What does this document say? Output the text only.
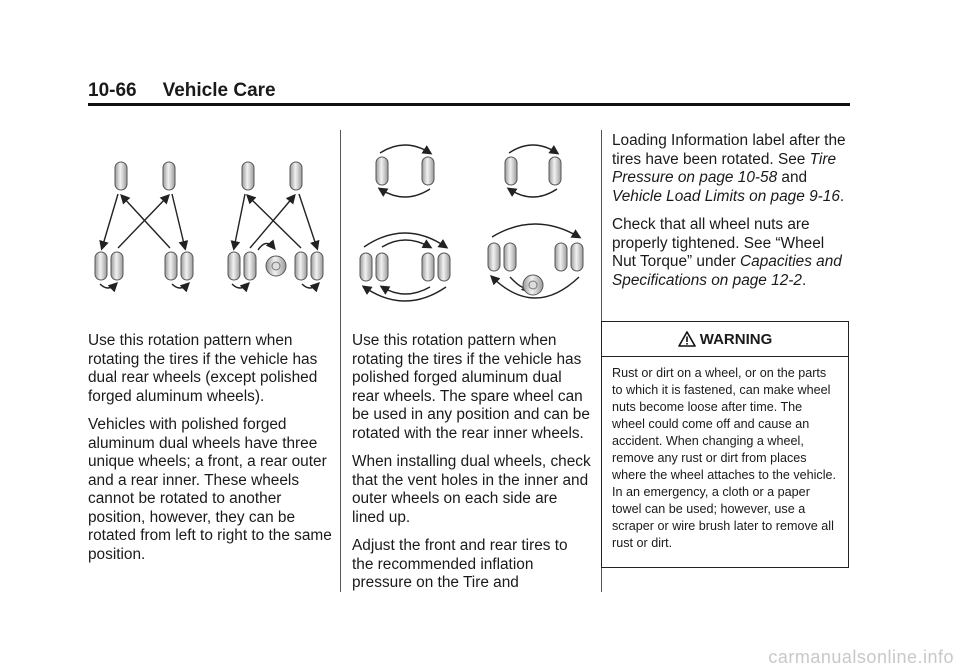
10-66 Vehicle Care

Use this rotation pattern when rotating the tires if the vehicle has dual rear wheels (except polished forged aluminum wheels).

Vehicles with polished forged aluminum dual wheels have three unique wheels; a front, a rear outer and a rear inner. These wheels cannot be rotated to another position, however, they can be rotated from left to right to the same position.

Use this rotation pattern when rotating the tires if the vehicle has polished forged aluminum dual rear wheels. The spare wheel can be used in any position and can be rotated with the rear inner wheels.

When installing dual wheels, check that the vent holes in the inner and outer wheels on each side are lined up.

Adjust the front and rear tires to the recommended inflation pressure on the Tire and

Loading Information label after the tires have been rotated. See Tire Pressure on page 10-58 and Vehicle Load Limits on page 9-16.

Check that all wheel nuts are properly tightened. See “Wheel Nut Torque” under Capacities and Specifications on page 12-2.

WARNING
Rust or dirt on a wheel, or on the parts to which it is fastened, can make wheel nuts become loose after time. The wheel could come off and cause an accident. When changing a wheel, remove any rust or dirt from places where the wheel attaches to the vehicle. In an emergency, a cloth or a paper towel can be used; however, use a scraper or wire brush later to remove all rust or dirt.
carmanualsonline.info
